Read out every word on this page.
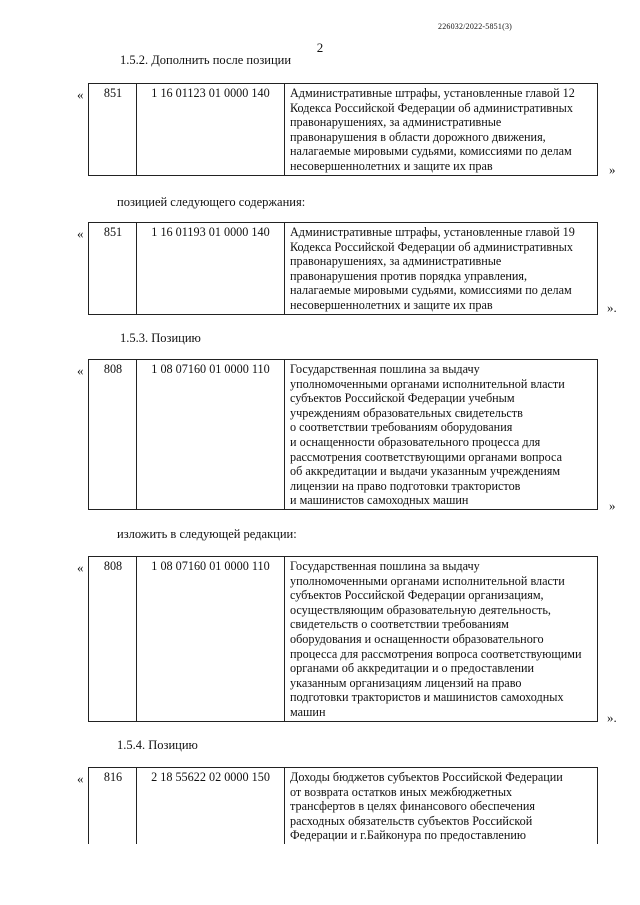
226032/2022-5851(3)
2
1.5.2. Дополнить после позиции
« 851	1 16 01123 01 0000 140	Административные штрафы, установленные главой 12
Кодекса Российской Федерации об административных
правонарушениях, за административные
правонарушения в области дорожного движения,
налагаемые мировыми судьями, комиссиями по делам
несовершеннолетних и защите их прав	»
позицией следующего содержания:
« 851	1 16 01193 01 0000 140	Административные штрафы, установленные главой 19
Кодекса Российской Федерации об административных
правонарушениях, за административные
правонарушения против порядка управления,
налагаемые мировыми судьями, комиссиями по делам
несовершеннолетних и защите их прав	».
1.5.3. Позицию
« 808	1 08 07160 01 0000 110	Государственная пошлина за выдачу
уполномоченными органами исполнительной власти
субъектов Российской Федерации учебным
учреждениям образовательных свидетельств
о соответствии требованиям оборудования
и оснащенности образовательного процесса для
рассмотрения соответствующими органами вопроса
об аккредитации и выдачи указанным учреждениям
лицензии на право подготовки трактористов
и машинистов самоходных машин	»
изложить в следующей редакции:
« 808	1 08 07160 01 0000 110	Государственная пошлина за выдачу
уполномоченными органами исполнительной власти
субъектов Российской Федерации организациям,
осуществляющим образовательную деятельность,
свидетельств о соответствии требованиям
оборудования и оснащенности образовательного
процесса для рассмотрения вопроса соответствующими
органами об аккредитации и о предоставлении
указанным организациям лицензий на право
подготовки трактористов и машинистов самоходных
машин	».
1.5.4. Позицию
« 816	2 18 55622 02 0000 150	Доходы бюджетов субъектов Российской Федерации
от возврата остатков иных межбюджетных
трансфертов в целях финансового обеспечения
расходных обязательств субъектов Российской
Федерации и г.Байконура по предоставлению
